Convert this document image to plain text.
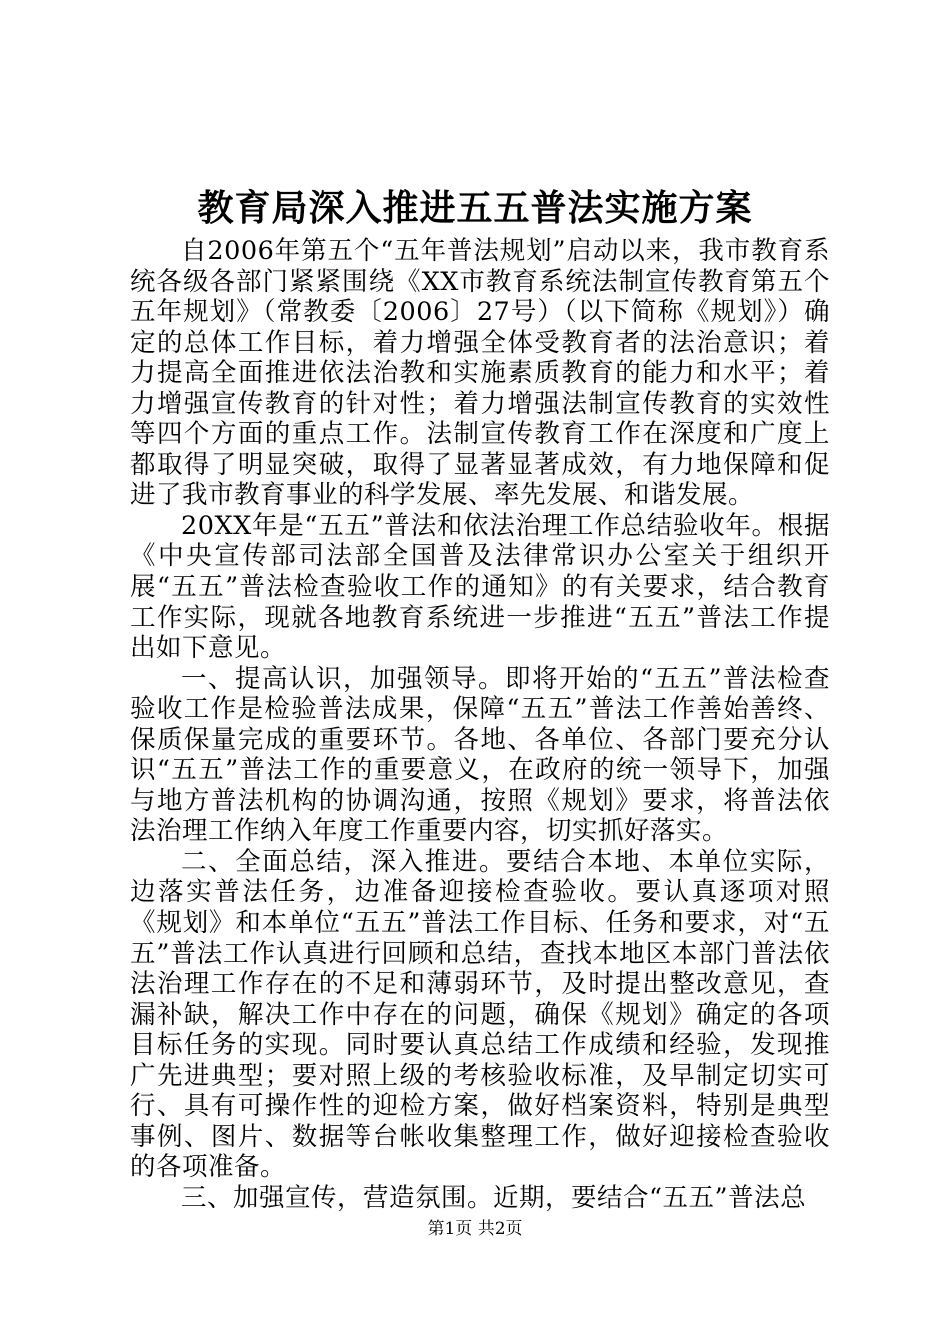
教育局深入推进五五普法实施方案

自2006年第五个“五年普法规划”启动以来，我市教育系统各级各部门紧紧围绕《XX市教育系统法制宣传教育第五个五年规划》（常教委〔2006〕27号）（以下简称《规划》）确定的总体工作目标，着力增强全体受教育者的法治意识；着力提高全面推进依法治教和实施素质教育的能力和水平；着力增强宣传教育的针对性；着力增强法制宣传教育的实效性等四个方面的重点工作。法制宣传教育工作在深度和广度上都取得了明显突破，取得了显著显著成效，有力地保障和促进了我市教育事业的科学发展、率先发展、和谐发展。

20XX年是“五五”普法和依法治理工作总结验收年。根据《中央宣传部司法部全国普及法律常识办公室关于组织开展“五五”普法检查验收工作的通知》的有关要求，结合教育工作实际，现就各地教育系统进一步推进“五五”普法工作提出如下意见。

一、提高认识，加强领导。即将开始的“五五”普法检查验收工作是检验普法成果，保障“五五”普法工作善始善终、保质保量完成的重要环节。各地、各单位、各部门要充分认识“五五”普法工作的重要意义，在政府的统一领导下，加强与地方普法机构的协调沟通，按照《规划》要求，将普法依法治理工作纳入年度工作重要内容，切实抓好落实。

二、全面总结，深入推进。要结合本地、本单位实际，边落实普法任务，边准备迎接检查验收。要认真逐项对照《规划》和本单位“五五”普法工作目标、任务和要求，对“五五”普法工作认真进行回顾和总结，查找本地区本部门普法依法治理工作存在的不足和薄弱环节，及时提出整改意见，查漏补缺，解决工作中存在的问题，确保《规划》确定的各项目标任务的实现。同时要认真总结工作成绩和经验，发现推广先进典型；要对照上级的考核验收标准，及早制定切实可行、具有可操作性的迎检方案，做好档案资料，特别是典型事例、图片、数据等台帐收集整理工作，做好迎接检查验收的各项准备。

三、加强宣传，营造氛围。近期，要结合“五五”普法总

第1页 共2页
